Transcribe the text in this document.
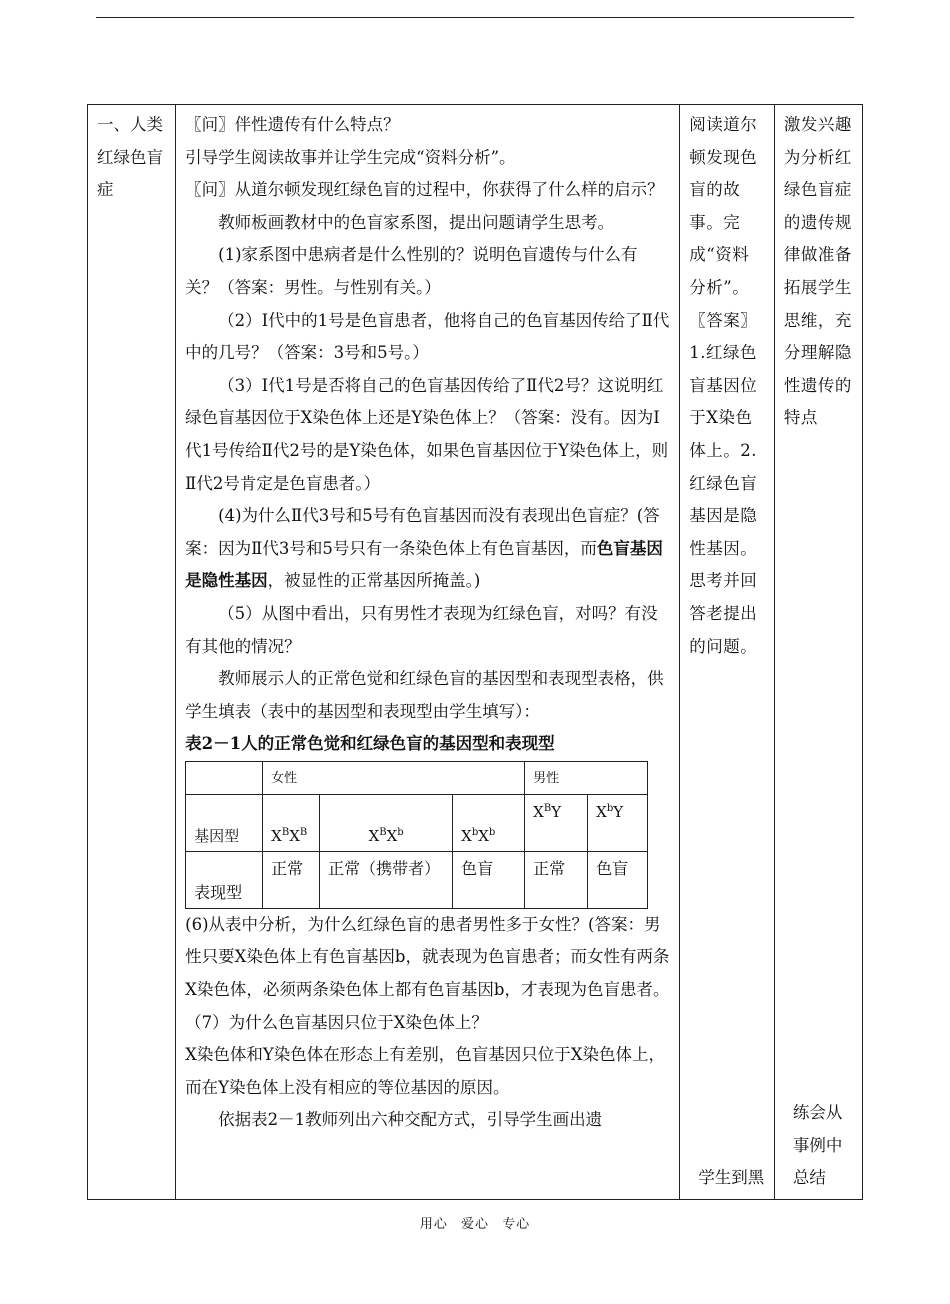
一、人类红绿色盲症

〖问〗伴性遗传有什么特点？

引导学生阅读故事并让学生完成“资料分析”。

〖问〗从道尔顿发现红绿色盲的过程中，你获得了什么样的启示？

教师板画教材中的色盲家系图，提出问题请学生思考。

(1)家系图中患病者是什么性别的？说明色盲遗传与什么有关？（答案：男性。与性别有关。）

（2）Ⅰ代中的1号是色盲患者，他将自己的色盲基因传给了Ⅱ代中的几号？（答案：3号和5号。）

（3）Ⅰ代1号是否将自己的色盲基因传给了Ⅱ代2号？这说明红绿色盲基因位于X染色体上还是Y染色体上？（答案：没有。因为Ⅰ代1号传给Ⅱ代2号的是Y染色体，如果色盲基因位于Y染色体上，则Ⅱ代2号肯定是色盲患者。）

(4)为什么Ⅱ代3号和5号有色盲基因而没有表现出色盲症？(答案：因为Ⅱ代3号和5号只有一条染色体上有色盲基因，而色盲基因是隐性基因，被显性的正常基因所掩盖。)

（5）从图中看出，只有男性才表现为红绿色盲，对吗？有没有其他的情况？

教师展示人的正常色觉和红绿色盲的基因型和表现型表格，供学生填表（表中的基因型和表现型由学生填写）：

表2－1人的正常色觉和红绿色盲的基因型和表现型

	女性	男性
基因型	$X^BX^B$	$X^BX^b$	$X^bX^b$	$X^BY$	$X^bY$
表现型	正常	正常（携带者）	色盲	正常	色盲

(6)从表中分析，为什么红绿色盲的患者男性多于女性？(答案：男性只要X染色体上有色盲基因b，就表现为色盲患者；而女性有两条X染色体，必须两条染色体上都有色盲基因b，才表现为色盲患者。

（7）为什么色盲基因只位于X染色体上？

X染色体和Y染色体在形态上有差别，色盲基因只位于X染色体上，而在Y染色体上没有相应的等位基因的原因。

依据表2－1教师列出六种交配方式，引导学生画出遗

阅读道尔顿发现色盲的故事。完成“资料分析”。〖答案〗1.红绿色盲基因位于X染色体上。2.红绿色盲基因是隐性基因。思考并回答老提出的问题。
学生到黑

激发兴趣为分析红绿色盲症的遗传规律做准备拓展学生思维，充分理解隐性遗传的特点
练会从事例中总结
用心 爱心 专心
